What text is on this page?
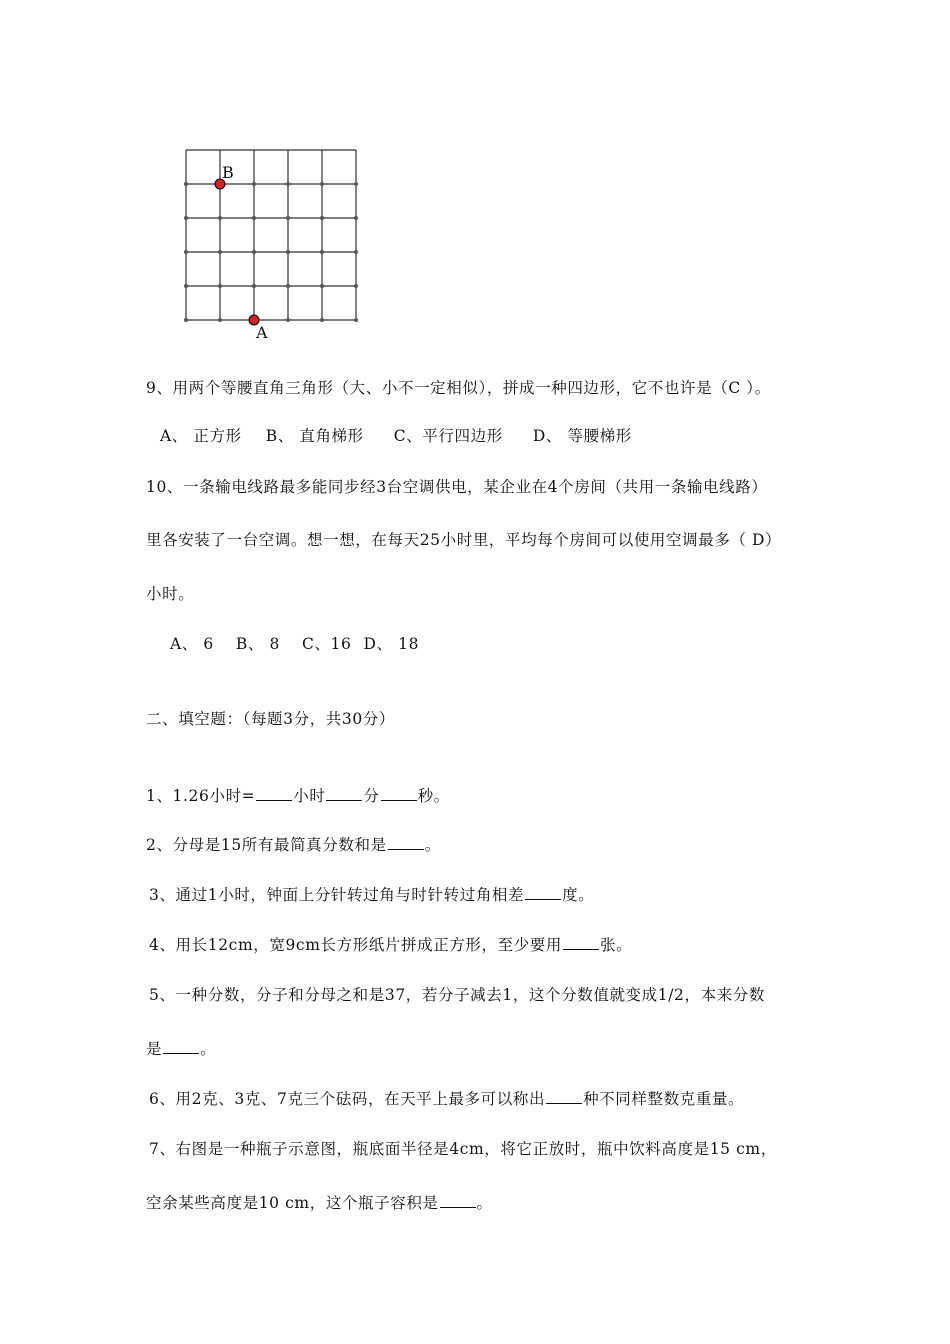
B
A
9、用两个等腰直角三角形（大、小不一定相似），拼成一种四边形，它不也许是（C ）。
A、 正方形 B、 直角梯形 C、平行四边形 D、 等腰梯形
10、一条输电线路最多能同步经3台空调供电，某企业在4个房间（共用一条输电线路）
里各安装了一台空调。想一想，在每天25小时里，平均每个房间可以使用空调最多（ D）
小时。
A、 6 B、 8 C、16 D、 18
二、填空题：（每题3分，共30分）
1、1.26小时= 小时 分 秒。
2、分母是15所有最简真分数和是 。
3、通过1小时，钟面上分针转过角与时针转过角相差 度。
4、用长12cm，宽9cm长方形纸片拼成正方形，至少要用 张。
5、一种分数，分子和分母之和是37，若分子减去1，这个分数值就变成1/2，本来分数
是 。
6、用2克、3克、7克三个砝码，在天平上最多可以称出 种不同样整数克重量。
7、右图是一种瓶子示意图，瓶底面半径是4cm，将它正放时，瓶中饮料高度是15 cm，
空余某些高度是10 cm，这个瓶子容积是 。
